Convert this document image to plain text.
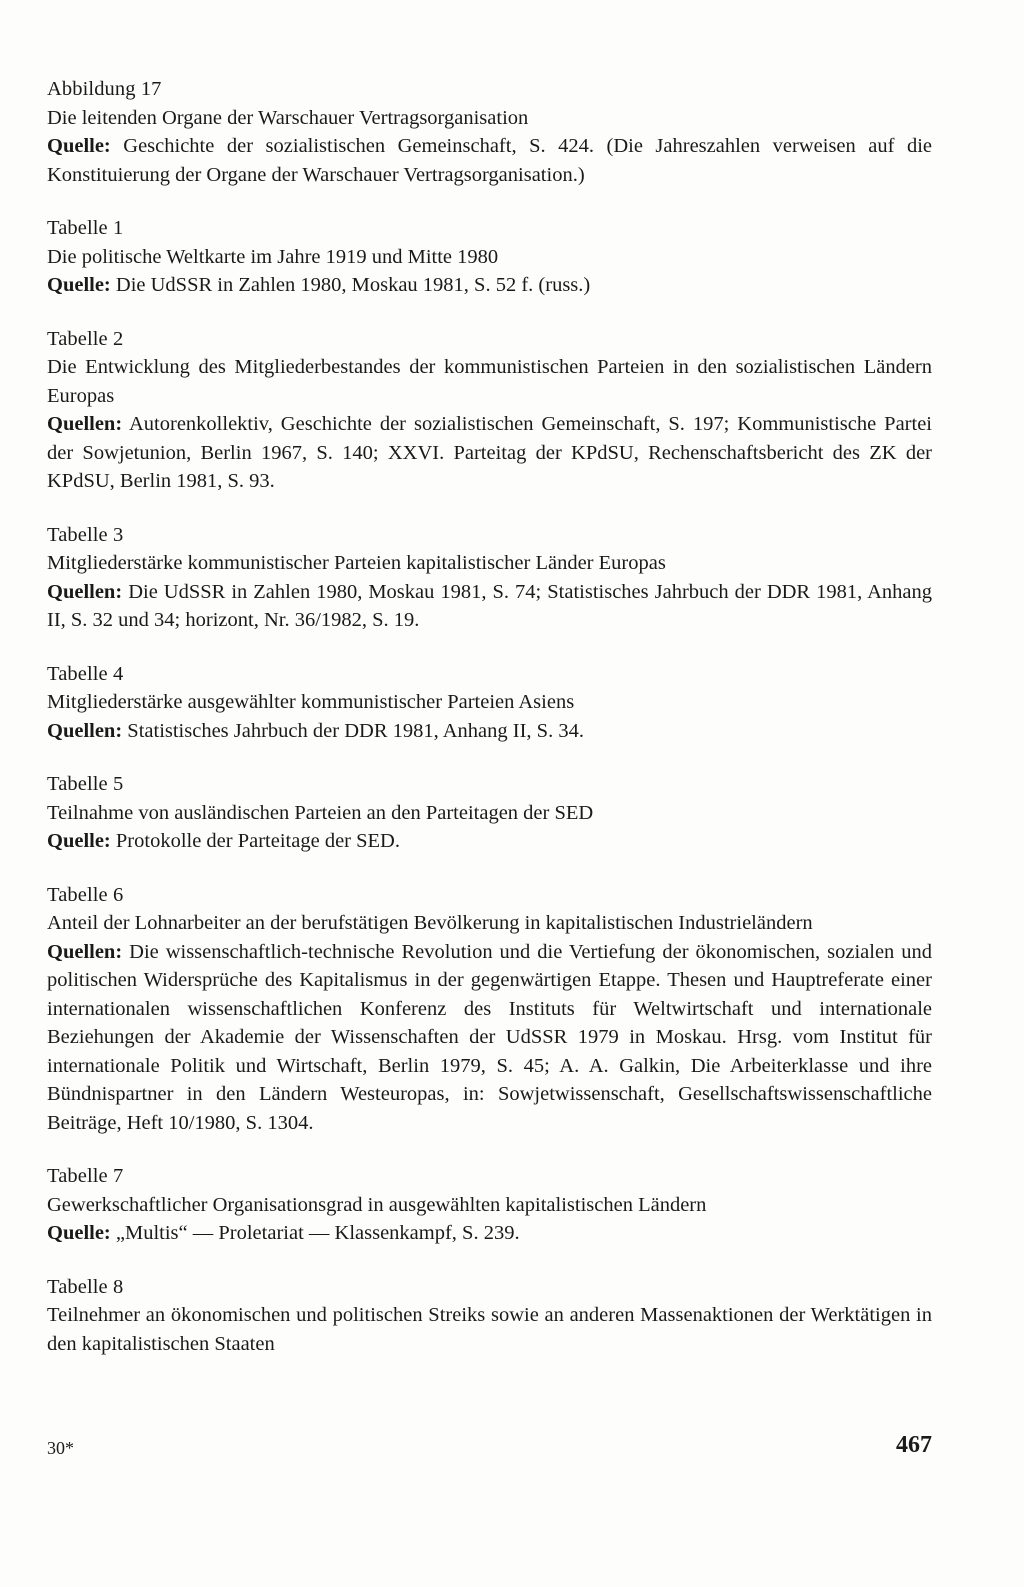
Abbildung 17

Die leitenden Organe der Warschauer Vertragsorganisation

Quelle: Geschichte der sozialistischen Gemeinschaft, S. 424. (Die Jahreszahlen verweisen auf die Konstituierung der Organe der Warschauer Vertragsorganisation.)

Tabelle 1

Die politische Weltkarte im Jahre 1919 und Mitte 1980

Quelle: Die UdSSR in Zahlen 1980, Moskau 1981, S. 52 f. (russ.)

Tabelle 2

Die Entwicklung des Mitgliederbestandes der kommunistischen Parteien in den sozialistischen Ländern Europas

Quellen: Autorenkollektiv, Geschichte der sozialistischen Gemeinschaft, S. 197; Kommunistische Partei der Sowjetunion, Berlin 1967, S. 140; XXVI. Parteitag der KPdSU, Rechenschaftsbericht des ZK der KPdSU, Berlin 1981, S. 93.

Tabelle 3

Mitgliederstärke kommunistischer Parteien kapitalistischer Länder Europas

Quellen: Die UdSSR in Zahlen 1980, Moskau 1981, S. 74; Statistisches Jahrbuch der DDR 1981, Anhang II, S. 32 und 34; horizont, Nr. 36/1982, S. 19.

Tabelle 4

Mitgliederstärke ausgewählter kommunistischer Parteien Asiens

Quellen: Statistisches Jahrbuch der DDR 1981, Anhang II, S. 34.

Tabelle 5

Teilnahme von ausländischen Parteien an den Parteitagen der SED

Quelle: Protokolle der Parteitage der SED.

Tabelle 6

Anteil der Lohnarbeiter an der berufstätigen Bevölkerung in kapitalistischen Industrieländern

Quellen: Die wissenschaftlich-technische Revolution und die Vertiefung der ökonomischen, sozialen und politischen Widersprüche des Kapitalismus in der gegenwärtigen Etappe. Thesen und Hauptreferate einer internationalen wissenschaftlichen Konferenz des Instituts für Weltwirtschaft und internationale Beziehungen der Akademie der Wissenschaften der UdSSR 1979 in Moskau. Hrsg. vom Institut für internationale Politik und Wirtschaft, Berlin 1979, S. 45; A. A. Galkin, Die Arbeiterklasse und ihre Bündnispartner in den Ländern Westeuropas, in: Sowjetwissenschaft, Gesellschaftswissenschaftliche Beiträge, Heft 10/1980, S. 1304.

Tabelle 7

Gewerkschaftlicher Organisationsgrad in ausgewählten kapitalistischen Ländern

Quelle: „Multis“ — Proletariat — Klassenkampf, S. 239.

Tabelle 8

Teilnehmer an ökonomischen und politischen Streiks sowie an anderen Massenaktionen der Werktätigen in den kapitalistischen Staaten

30*	467
